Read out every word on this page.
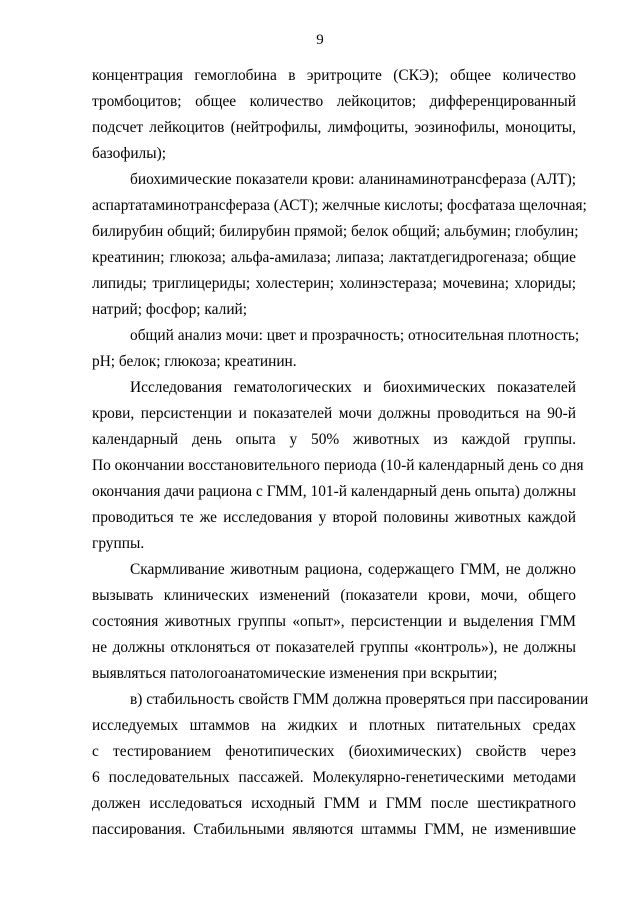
9
концентрация гемоглобина в эритроците (СКЭ); общее количество
тромбоцитов; общее количество лейкоцитов; дифференцированный
подсчет лейкоцитов (нейтрофилы, лимфоциты, эозинофилы, моноциты,
базофилы);
биохимические показатели крови: аланинаминотрансфераза (АЛТ);
аспартатаминотрансфераза (АСТ); желчные кислоты; фосфатаза щелочная;
билирубин общий; билирубин прямой; белок общий; альбумин; глобулин;
креатинин; глюкоза; альфа-амилаза; липаза; лактатдегидрогеназа; общие
липиды; триглицериды; холестерин; холинэстераза; мочевина; хлориды;
натрий; фосфор; калий;
общий анализ мочи: цвет и прозрачность; относительная плотность;
pH; белок; глюкоза; креатинин.
Исследования гематологических и биохимических показателей
крови, персистенции и показателей мочи должны проводиться на 90-й
календарный день опыта у 50% животных из каждой группы.
По окончании восстановительного периода (10-й календарный день со дня
окончания дачи рациона с ГММ, 101-й календарный день опыта) должны
проводиться те же исследования у второй половины животных каждой
группы.
Скармливание животным рациона, содержащего ГММ, не должно
вызывать клинических изменений (показатели крови, мочи, общего
состояния животных группы «опыт», персистенции и выделения ГММ
не должны отклоняться от показателей группы «контроль»), не должны
выявляться патологоанатомические изменения при вскрытии;
в) стабильность свойств ГММ должна проверяться при пассировании
исследуемых штаммов на жидких и плотных питательных средах
с тестированием фенотипических (биохимических) свойств через
6 последовательных пассажей. Молекулярно-генетическими методами
должен исследоваться исходный ГММ и ГММ после шестикратного
пассирования. Стабильными являются штаммы ГММ, не изменившие
